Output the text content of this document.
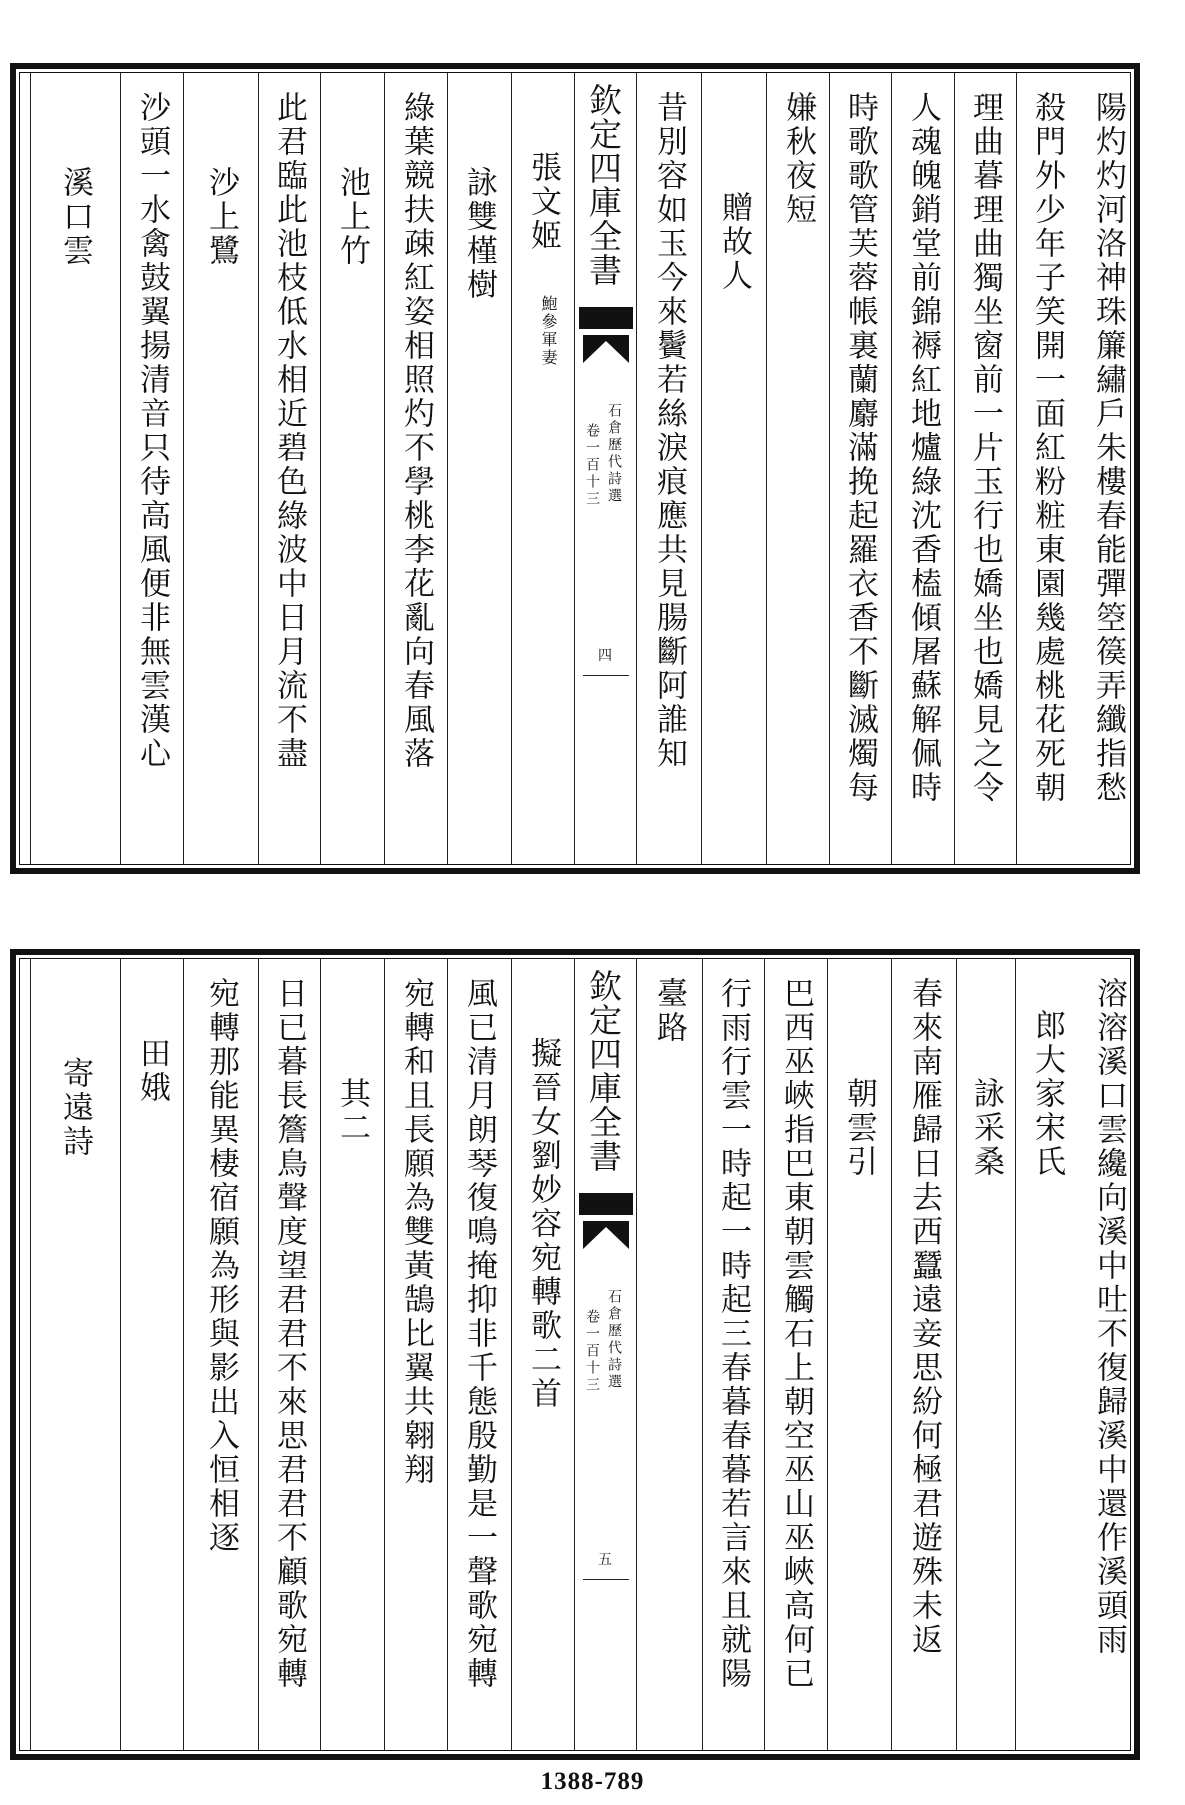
陽灼灼河洛神珠簾繡戶朱樓春能彈箜篌弄纖指愁
殺門外少年子笑開一面紅粉粧東園幾處桃花死朝
理曲暮理曲獨坐窗前一片玉行也嬌坐也嬌見之令
人魂魄銷堂前錦褥紅地爐綠沈香榼傾屠蘇解佩時
時歌歌管芙蓉帳裏蘭麝滿挽起羅衣香不斷滅燭每
嫌秋夜短
贈故人
昔別容如玉今來鬢若絲淚痕應共見腸斷阿誰知
張文姬
鮑參軍妻
詠雙槿樹
綠葉競扶疎紅姿相照灼不學桃李花亂向春風落
池上竹
此君臨此池枝低水相近碧色綠波中日月流不盡
沙上鷺
沙頭一水禽鼓翼揚清音只待高風便非無雲漢心
溪口雲	欽定四庫全書
石倉歷代詩選
卷一百十三
四
溶溶溪口雲纔向溪中吐不復歸溪中還作溪頭雨
郎大家宋氏
詠采桑
春來南雁歸日去西蠶遠妾思紛何極君遊殊未返
朝雲引
巴西巫峽指巴東朝雲觸石上朝空巫山巫峽高何已
行雨行雲一時起一時起三春暮春暮若言來且就陽
臺路
擬晉女劉妙容宛轉歌二首
風已清月朗琴復鳴掩抑非千態殷勤是一聲歌宛轉
宛轉和且長願為雙黃鵠比翼共翱翔
其二
日已暮長簷鳥聲度望君君不來思君君不顧歌宛轉
宛轉那能異棲宿願為形與影出入恒相逐
田娥
寄遠詩	欽定四庫全書
石倉歷代詩選
卷一百十三
五
1388-789
